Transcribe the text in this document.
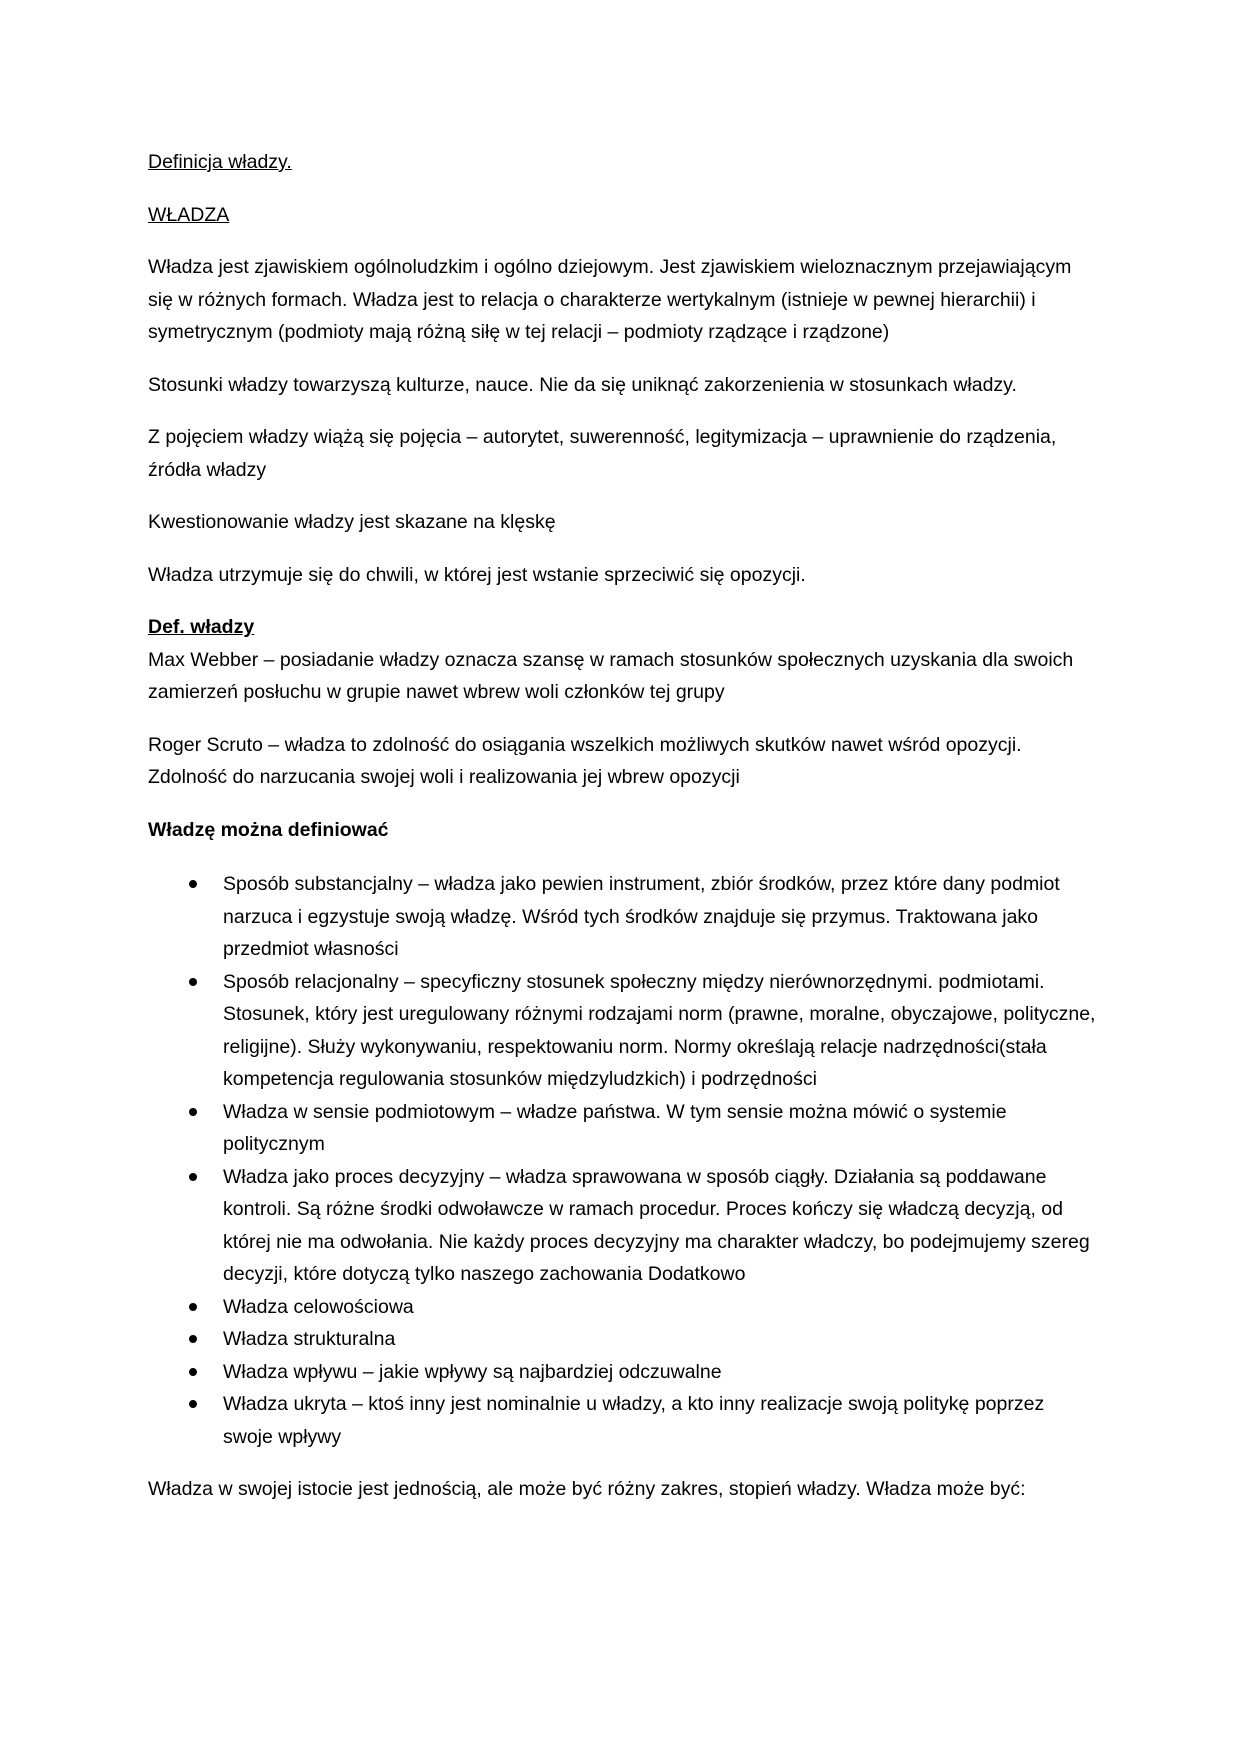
Definicja władzy.

WŁADZA

Władza jest zjawiskiem ogólnoludzkim i ogólno dziejowym. Jest zjawiskiem wieloznacznym przejawiającym się w różnych formach. Władza jest to relacja o charakterze wertykalnym (istnieje w pewnej hierarchii) i symetrycznym (podmioty mają różną siłę w tej relacji – podmioty rządzące i rządzone)

Stosunki władzy towarzyszą kulturze, nauce. Nie da się uniknąć zakorzenienia w stosunkach władzy.

Z pojęciem władzy wiążą się pojęcia – autorytet, suwerenność, legitymizacja – uprawnienie do rządzenia, źródła władzy

Kwestionowanie władzy jest skazane na klęskę

Władza utrzymuje się do chwili, w której jest wstanie sprzeciwić się opozycji.

Def. władzy

Max Webber – posiadanie władzy oznacza szansę w ramach stosunków społecznych uzyskania dla swoich zamierzeń posłuchu w grupie nawet wbrew woli członków tej grupy

Roger Scruto – władza to zdolność do osiągania wszelkich możliwych skutków nawet wśród opozycji. Zdolność do narzucania swojej woli i realizowania jej wbrew opozycji

Władzę można definiować

Sposób substancjalny – władza jako pewien instrument, zbiór środków, przez które dany podmiot narzuca i egzystuje swoją władzę. Wśród tych środków znajduje się przymus. Traktowana jako przedmiot własności
Sposób relacjonalny – specyficzny stosunek społeczny między nierównorzędnymi. podmiotami. Stosunek, który jest uregulowany różnymi rodzajami norm (prawne, moralne, obyczajowe, polityczne, religijne). Służy wykonywaniu, respektowaniu norm. Normy określają relacje nadrzędności(stała kompetencja regulowania stosunków międzyludzkich) i podrzędności
Władza w sensie podmiotowym – władze państwa. W tym sensie można mówić o systemie politycznym
Władza jako proces decyzyjny – władza sprawowana w sposób ciągły. Działania są poddawane kontroli. Są różne środki odwoławcze w ramach procedur. Proces kończy się władczą decyzją, od której nie ma odwołania. Nie każdy proces decyzyjny ma charakter władczy, bo podejmujemy szereg decyzji, które dotyczą tylko naszego zachowania Dodatkowo
Władza celowościowa
Władza strukturalna
Władza wpływu – jakie wpływy są najbardziej odczuwalne
Władza ukryta – ktoś inny jest nominalnie u władzy, a kto inny realizacje swoją politykę poprzez swoje wpływy

Władza w swojej istocie jest jednością, ale może być różny zakres, stopień władzy. Władza może być:
